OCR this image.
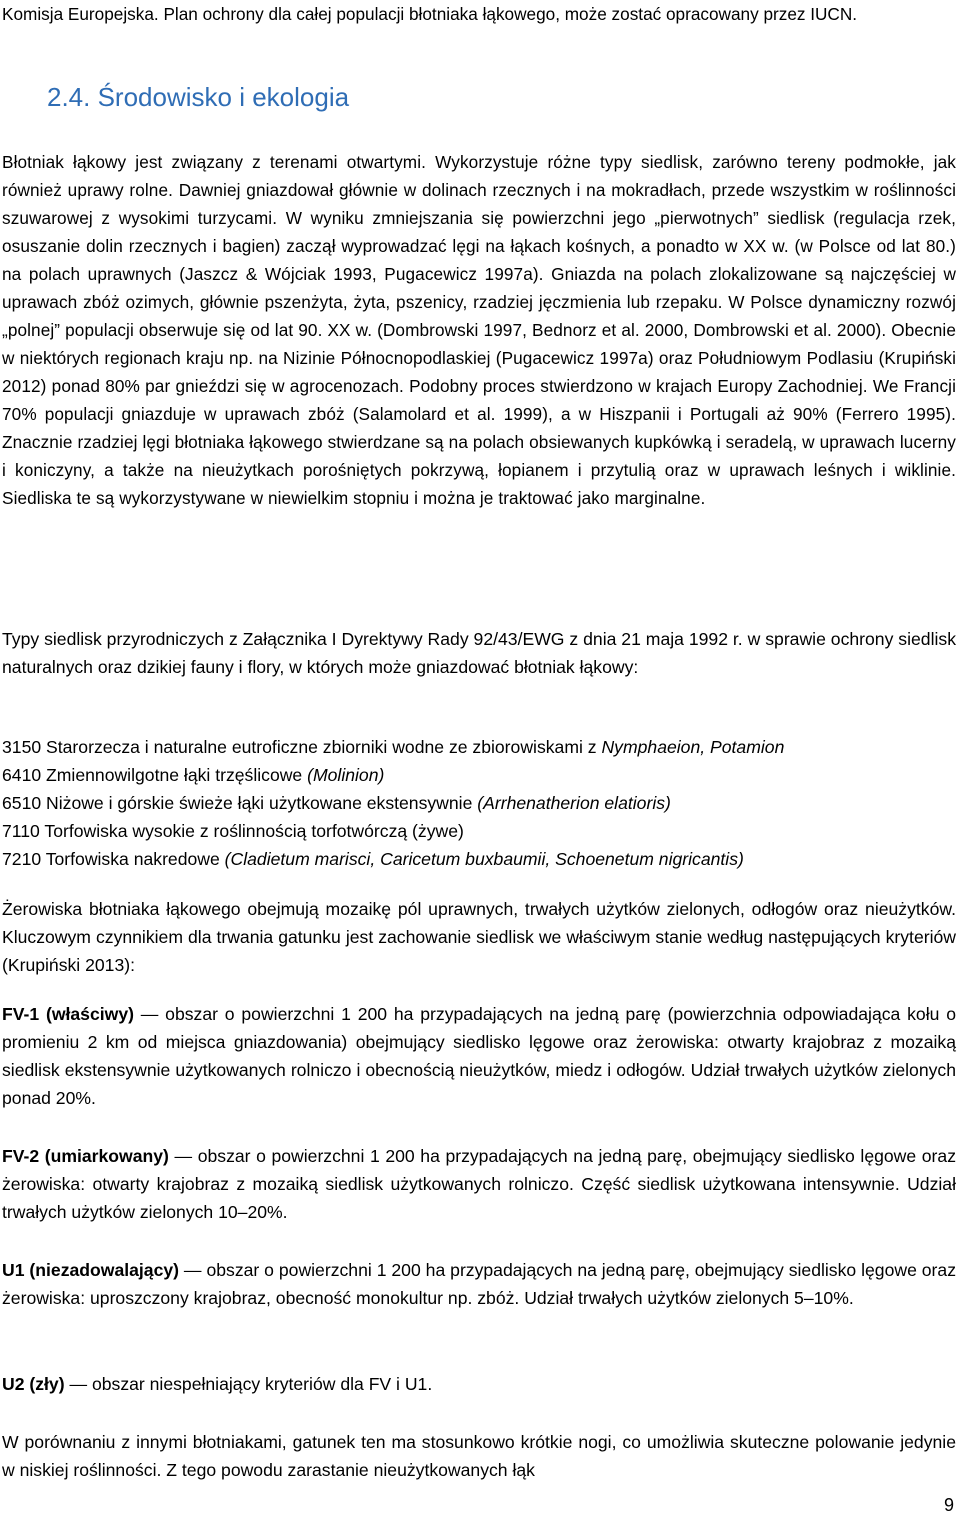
Komisja Europejska. Plan ochrony dla całej populacji błotniaka łąkowego, może zostać opracowany przez IUCN.

2.4. Środowisko i ekologia

Błotniak łąkowy jest związany z terenami otwartymi. Wykorzystuje różne typy siedlisk, zarówno tereny podmokłe, jak również uprawy rolne. Dawniej gniazdował głównie w dolinach rzecznych i na mokradłach, przede wszystkim w roślinności szuwarowej z wysokimi turzycami. W wyniku zmniejszania się powierzchni jego „pierwotnych” siedlisk (regulacja rzek, osuszanie dolin rzecznych i bagien) zaczął wyprowadzać lęgi na łąkach kośnych, a ponadto w XX w. (w Polsce od lat 80.) na polach uprawnych (Jaszcz & Wójciak 1993, Pugacewicz 1997a). Gniazda na polach zlokalizowane są najczęściej w uprawach zbóż ozimych, głównie pszenżyta, żyta, pszenicy, rzadziej jęczmienia lub rzepaku. W Polsce dynamiczny rozwój „polnej” populacji obserwuje się od lat 90. XX w. (Dombrowski 1997, Bednorz et al. 2000, Dombrowski et al. 2000). Obecnie w niektórych regionach kraju np. na Nizinie Północnopodlaskiej (Pugacewicz 1997a) oraz Południowym Podlasiu (Krupiński 2012) ponad 80% par gnieździ się w agrocenozach. Podobny proces stwierdzono w krajach Europy Zachodniej. We Francji 70% populacji gniazduje w uprawach zbóż (Salamolard et al. 1999), a w Hiszpanii i Portugali aż 90% (Ferrero 1995). Znacznie rzadziej lęgi błotniaka łąkowego stwierdzane są na polach obsiewanych kupkówką i seradelą, w uprawach lucerny i koniczyny, a także na nieużytkach porośniętych pokrzywą, łopianem i przytulią oraz w uprawach leśnych i wiklinie. Siedliska te są wykorzystywane w niewielkim stopniu i można je traktować jako marginalne.

Typy siedlisk przyrodniczych z Załącznika I Dyrektywy Rady 92/43/EWG z dnia 21 maja 1992 r. w sprawie ochrony siedlisk naturalnych oraz dzikiej fauny i flory, w których może gniazdować błotniak łąkowy:

3150 Starorzecza i naturalne eutroficzne zbiorniki wodne ze zbiorowiskami z Nymphaeion, Potamion
6410 Zmiennowilgotne łąki trzęślicowe (Molinion)
6510 Niżowe i górskie świeże łąki użytkowane ekstensywnie (Arrhenatherion elatioris)
7110 Torfowiska wysokie z roślinnością torfotwórczą (żywe)
7210 Torfowiska nakredowe (Cladietum marisci, Caricetum buxbaumii, Schoenetum nigricantis)

Żerowiska błotniaka łąkowego obejmują mozaikę pól uprawnych, trwałych użytków zielonych, odłogów oraz nieużytków. Kluczowym czynnikiem dla trwania gatunku jest zachowanie siedlisk we właściwym stanie według następujących kryteriów (Krupiński 2013):

FV-1 (właściwy) — obszar o powierzchni 1 200 ha przypadających na jedną parę (powierzchnia odpowiadająca kołu o promieniu 2 km od miejsca gniazdowania) obejmujący siedlisko lęgowe oraz żerowiska: otwarty krajobraz z mozaiką siedlisk ekstensywnie użytkowanych rolniczo i obecnością nieużytków, miedz i odłogów. Udział trwałych użytków zielonych ponad 20%.

FV-2 (umiarkowany) — obszar o powierzchni 1 200 ha przypadających na jedną parę, obejmujący siedlisko lęgowe oraz żerowiska: otwarty krajobraz z mozaiką siedlisk użytkowanych rolniczo. Część siedlisk użytkowana intensywnie. Udział trwałych użytków zielonych 10–20%.

U1 (niezadowalający) — obszar o powierzchni 1 200 ha przypadających na jedną parę, obejmujący siedlisko lęgowe oraz żerowiska: uproszczony krajobraz, obecność monokultur np. zbóż. Udział trwałych użytków zielonych 5–10%.

U2 (zły) — obszar niespełniający kryteriów dla FV i U1.

W porównaniu z innymi błotniakami, gatunek ten ma stosunkowo krótkie nogi, co umożliwia skuteczne polowanie jedynie w niskiej roślinności. Z tego powodu zarastanie nieużytkowanych łąk

9
